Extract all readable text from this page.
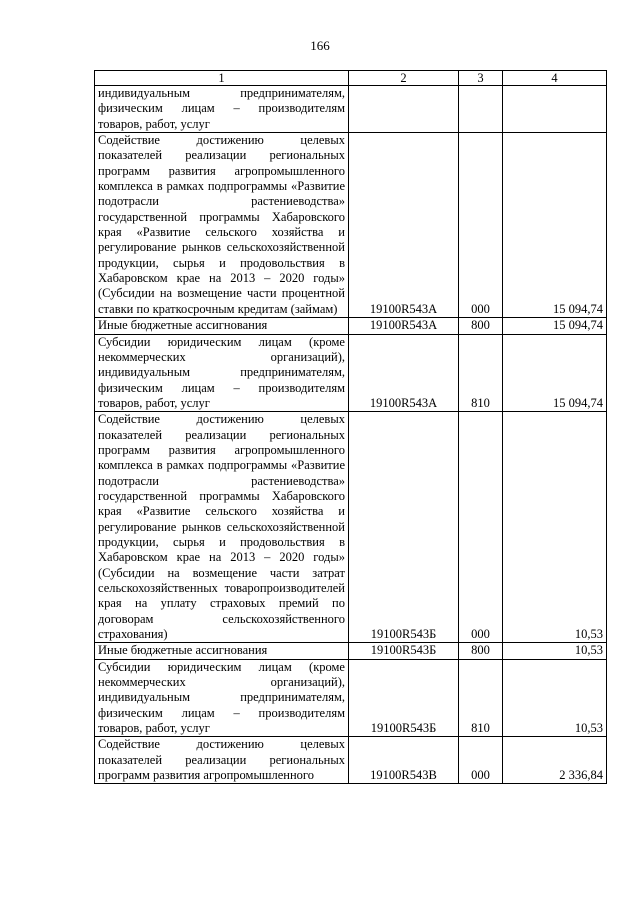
166
1	2	3	4
индивидуальным предпринимателям, физическим лицам – производителям товаров, работ, услуг			
Содействие достижению целевых показателей реализации региональных программ развития агропромышленного комплекса в рамках подпрограммы «Развитие подотрасли растениеводства» государственной программы Хабаровского края «Развитие сельского хозяйства и регулирование рынков сельскохозяйственной продукции, сырья и продовольствия в Хабаровском крае на 2013 – 2020 годы» (Субсидии на возмещение части процентной ставки по краткосрочным кредитам (займам)	19100R543А	000	15 094,74
Иные бюджетные ассигнования	19100R543А	800	15 094,74
Субсидии юридическим лицам (кроме некоммерческих организаций), индивидуальным предпринимателям, физическим лицам – производителям товаров, работ, услуг	19100R543А	810	15 094,74
Содействие достижению целевых показателей реализации региональных программ развития агропромышленного комплекса в рамках подпрограммы «Развитие подотрасли растениеводства» государственной программы Хабаровского края «Развитие сельского хозяйства и регулирование рынков сельскохозяйственной продукции, сырья и продовольствия в Хабаровском крае на 2013 – 2020 годы» (Субсидии на возмещение части затрат сельскохозяйственных товаропроизводителей края на уплату страховых премий по договорам сельскохозяйственного страхования)	19100R543Б	000	10,53
Иные бюджетные ассигнования	19100R543Б	800	10,53
Субсидии юридическим лицам (кроме некоммерческих организаций), индивидуальным предпринимателям, физическим лицам – производителям товаров, работ, услуг	19100R543Б	810	10,53
Содействие достижению целевых показателей реализации региональных программ развития агропромышленного	19100R543В	000	2 336,84
